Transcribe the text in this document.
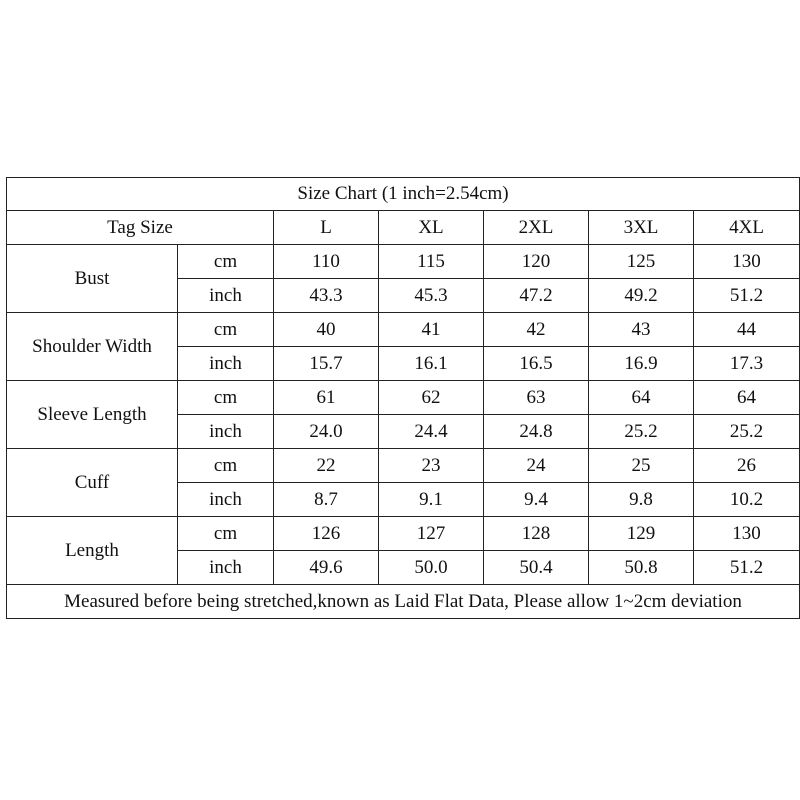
Size Chart (1 inch=2.54cm)						
Tag Size		L	XL	2XL	3XL	4XL
Bust	cm	110	115	120	125	130
	inch	43.3	45.3	47.2	49.2	51.2
Shoulder Width	cm	40	41	42	43	44
	inch	15.7	16.1	16.5	16.9	17.3
Sleeve Length	cm	61	62	63	64	64
	inch	24.0	24.4	24.8	25.2	25.2
Cuff	cm	22	23	24	25	26
	inch	8.7	9.1	9.4	9.8	10.2
Length	cm	126	127	128	129	130
	inch	49.6	50.0	50.4	50.8	51.2
Measured before being stretched,known as Laid Flat Data, Please allow 1~2cm deviation						
